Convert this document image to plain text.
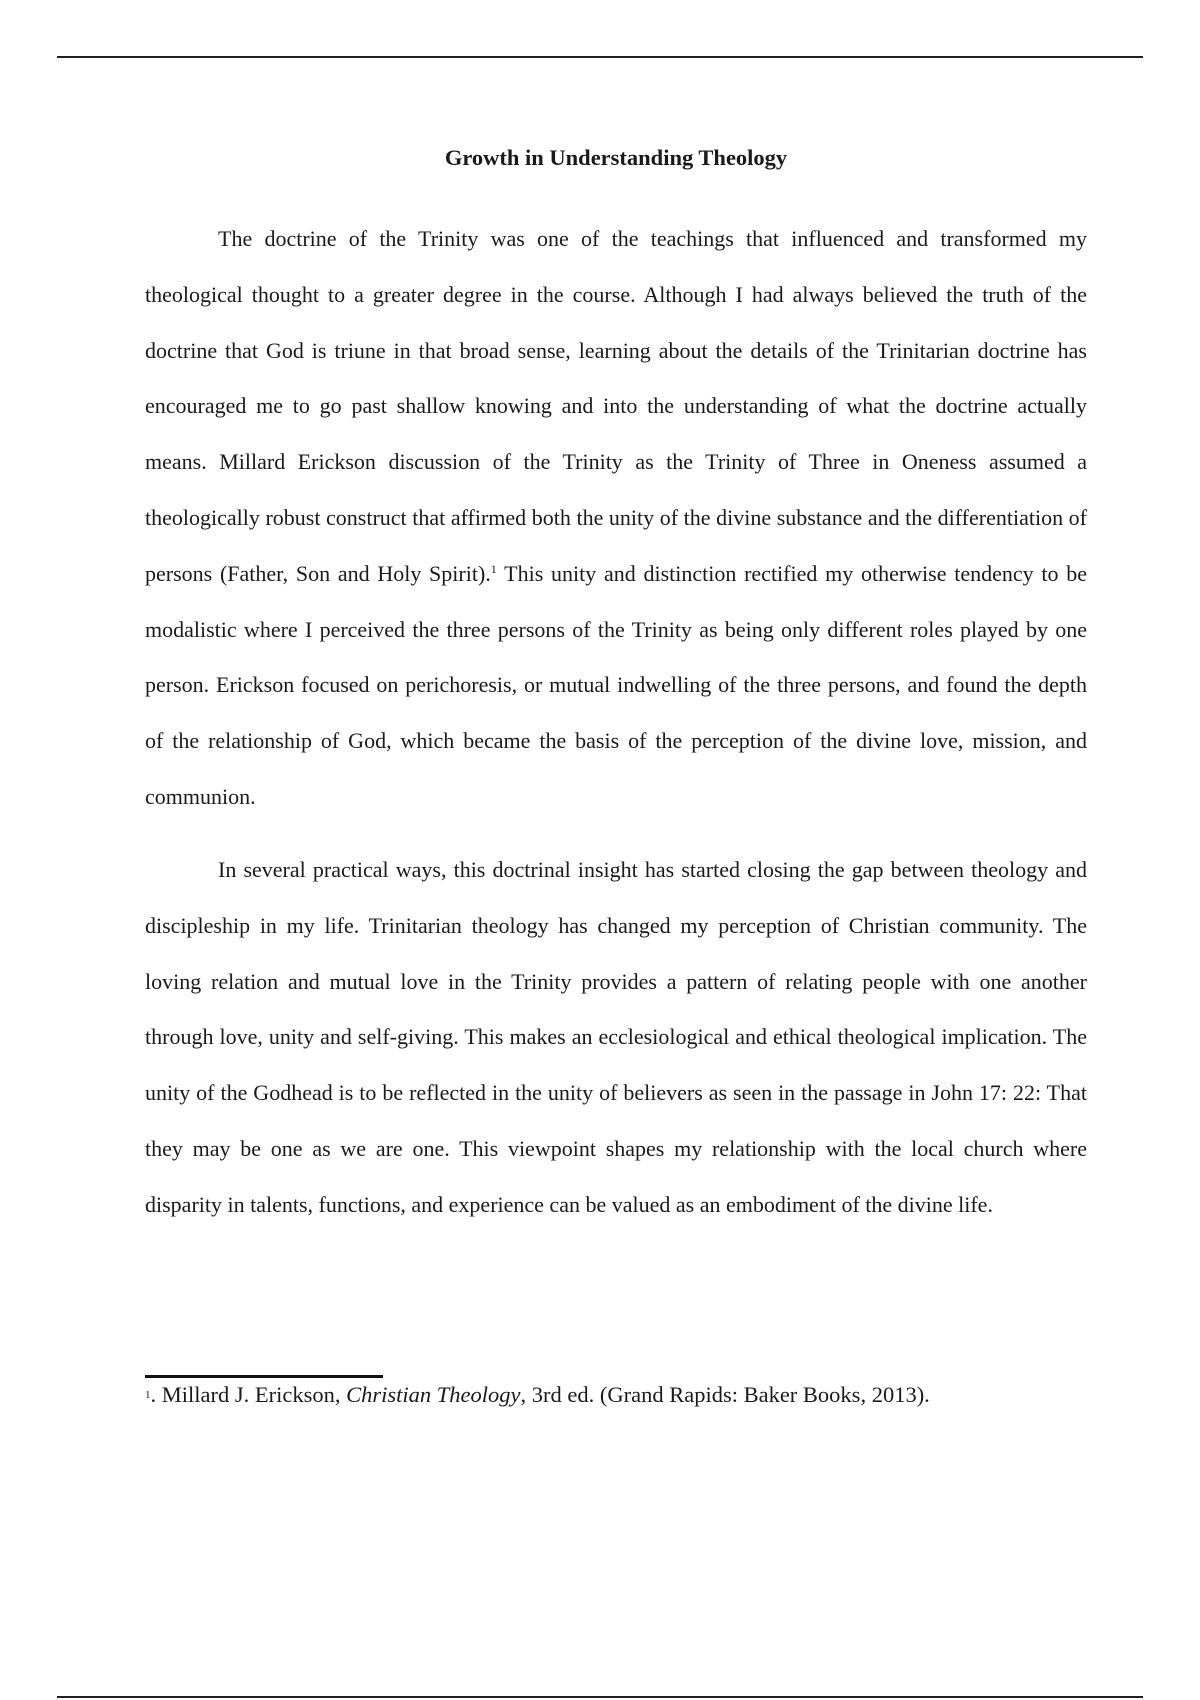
Growth in Understanding Theology

The doctrine of the Trinity was one of the teachings that influenced and transformed my theological thought to a greater degree in the course. Although I had always believed the truth of the doctrine that God is triune in that broad sense, learning about the details of the Trinitarian doctrine has encouraged me to go past shallow knowing and into the understanding of what the doctrine actually means. Millard Erickson discussion of the Trinity as the Trinity of Three in Oneness assumed a theologically robust construct that affirmed both the unity of the divine substance and the differentiation of persons (Father, Son and Holy Spirit).$^1$ This unity and distinction rectified my otherwise tendency to be modalistic where I perceived the three persons of the Trinity as being only different roles played by one person. Erickson focused on perichoresis, or mutual indwelling of the three persons, and found the depth of the relationship of God, which became the basis of the perception of the divine love, mission, and communion.

In several practical ways, this doctrinal insight has started closing the gap between theology and discipleship in my life. Trinitarian theology has changed my perception of Christian community. The loving relation and mutual love in the Trinity provides a pattern of relating people with one another through love, unity and self-giving. This makes an ecclesiological and ethical theological implication. The unity of the Godhead is to be reflected in the unity of believers as seen in the passage in John 17: 22: That they may be one as we are one. This viewpoint shapes my relationship with the local church where disparity in talents, functions, and experience can be valued as an embodiment of the divine life.

$^1$. Millard J. Erickson, Christian Theology, 3rd ed. (Grand Rapids: Baker Books, 2013).
